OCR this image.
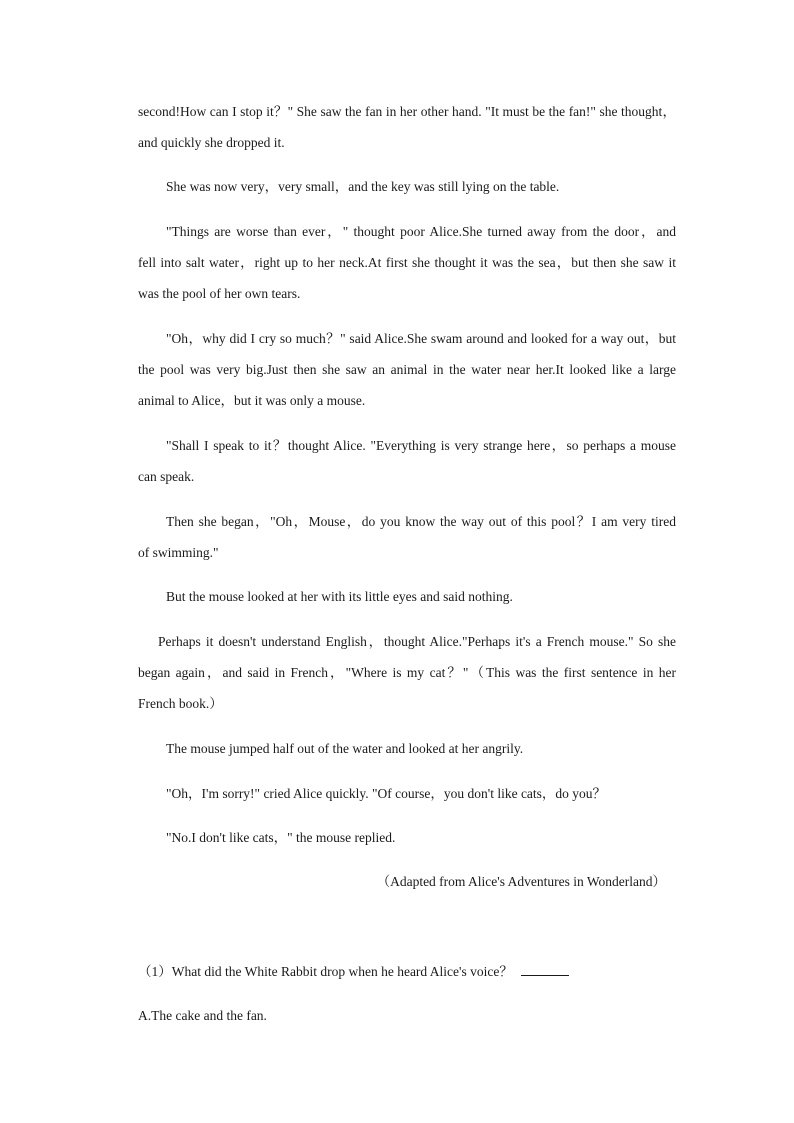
second!How can I stop it？" She saw the fan in her other hand. "It must be the fan!" she thought，
and quickly she dropped it.
She was now very，very small，and the key was still lying on the table.
"Things are worse than ever，" thought poor Alice.She turned away from the door，and
fell into salt water，right up to her neck.At first she thought it was the sea，but then she saw it
was the pool of her own tears.
"Oh，why did I cry so much？" said Alice.She swam around and looked for a way out，but
the pool was very big.Just then she saw an animal in the water near her.It looked like a large
animal to Alice，but it was only a mouse.
"Shall I speak to it？thought Alice. "Everything is very strange here，so perhaps a mouse
can speak.
Then she began，"Oh，Mouse，do you know the way out of this pool？I am very tired
of swimming."
But the mouse looked at her with its little eyes and said nothing.
Perhaps it doesn't understand English，thought Alice."Perhaps it's a French mouse." So she
began again，and said in French，"Where is my cat？"（This was the first sentence in her
French book.）
The mouse jumped half out of the water and looked at her angrily.
"Oh，I'm sorry!" cried Alice quickly. "Of course，you don't like cats，do you？
"No.I don't like cats，" the mouse replied.
（Adapted from Alice's Adventures in Wonderland）
（1）What did the White Rabbit drop when he heard Alice's voice？
A.The cake and the fan.
